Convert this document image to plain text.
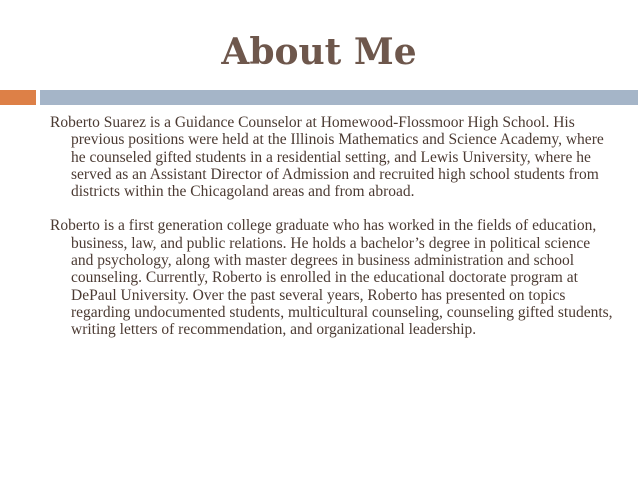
About Me

Roberto Suarez is a Guidance Counselor at Homewood-Flossmoor High School. His previous positions were held at the Illinois Mathematics and Science Academy, where he counseled gifted students in a residential setting, and Lewis University, where he served as an Assistant Director of Admission and recruited high school students from districts within the Chicagoland areas and from abroad.

Roberto is a first generation college graduate who has worked in the fields of education, business, law, and public relations. He holds a bachelor’s degree in political science and psychology, along with master degrees in business administration and school counseling. Currently, Roberto is enrolled in the educational doctorate program at DePaul University. Over the past several years, Roberto has presented on topics regarding undocumented students, multicultural counseling, counseling gifted students, writing letters of recommendation, and organizational leadership.
